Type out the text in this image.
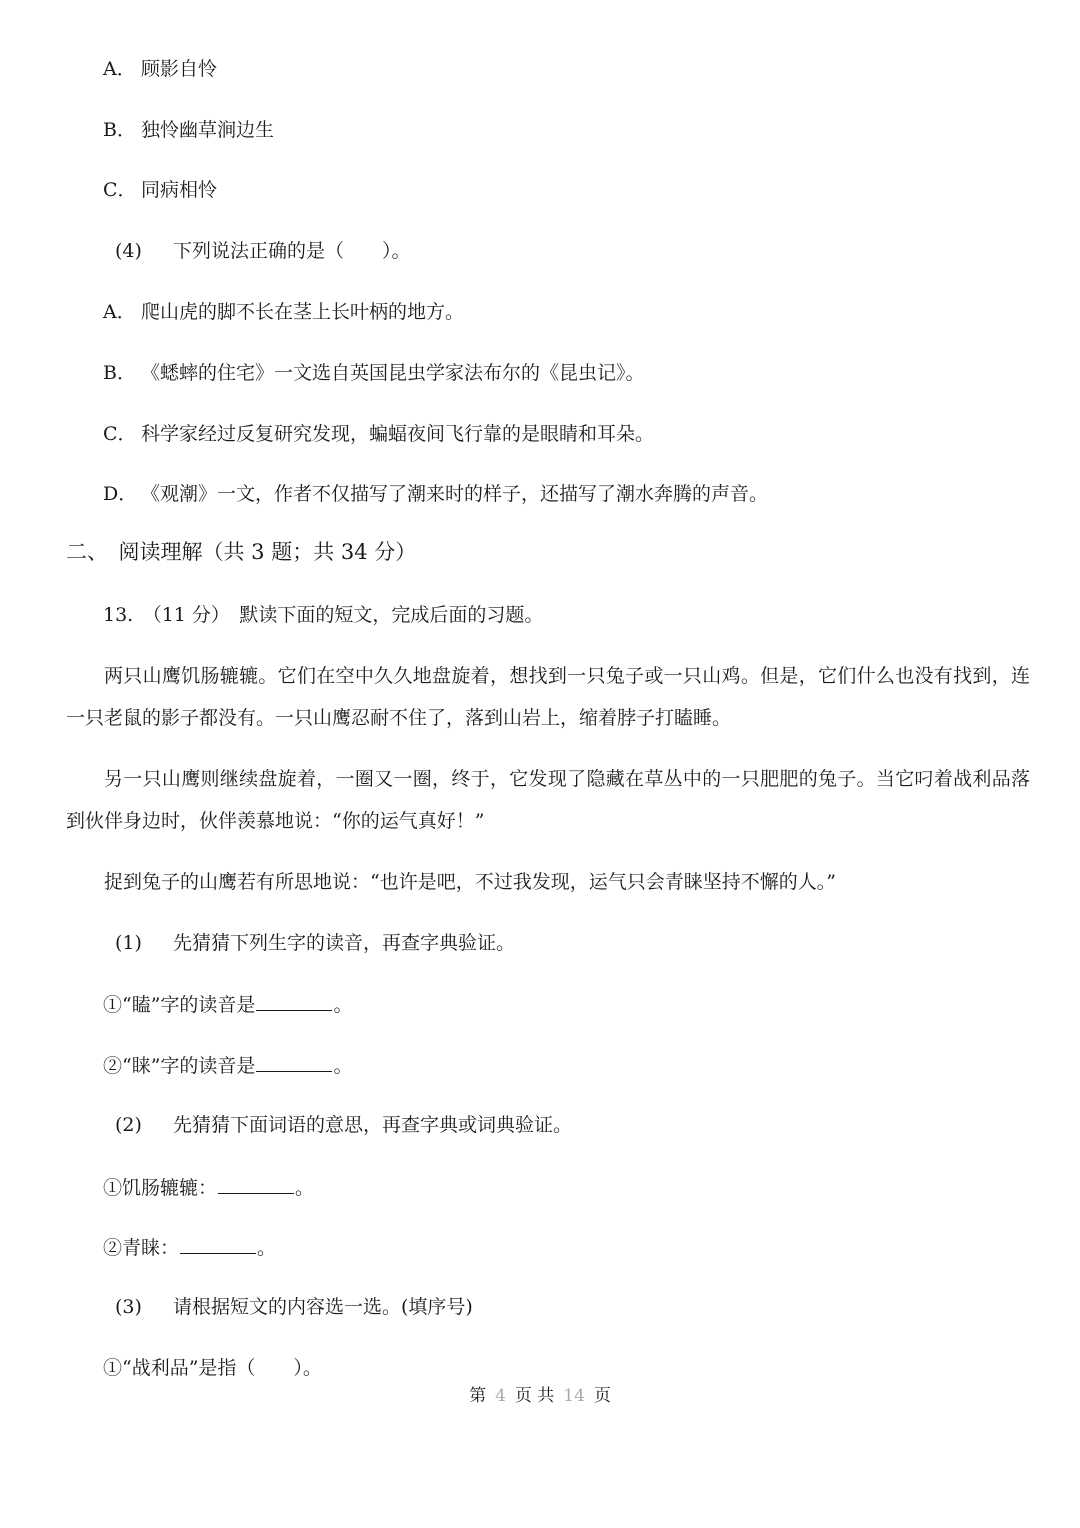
A． 顾影自怜
B． 独怜幽草涧边生
C． 同病相怜
(4) 下列说法正确的是（　　）。
A． 爬山虎的脚不长在茎上长叶柄的地方。
B． 《蟋蟀的住宅》一文选自英国昆虫学家法布尔的《昆虫记》。
C． 科学家经过反复研究发现，蝙蝠夜间飞行靠的是眼睛和耳朵。
D． 《观潮》一文，作者不仅描写了潮来时的样子，还描写了潮水奔腾的声音。
二、　阅读理解（共 3 题；共 34 分）
13.　（11 分）　默读下面的短文，完成后面的习题。
两只山鹰饥肠辘辘。它们在空中久久地盘旋着，想找到一只兔子或一只山鸡。但是，它们什么也没有找到，连一只老鼠的影子都没有。一只山鹰忍耐不住了，落到山岩上，缩着脖子打瞌睡。
另一只山鹰则继续盘旋着，一圈又一圈，终于，它发现了隐藏在草丛中的一只肥肥的兔子。当它叼着战利品落到伙伴身边时，伙伴羡慕地说：“你的运气真好！”
捉到兔子的山鹰若有所思地说：“也许是吧，不过我发现，运气只会青睐坚持不懈的人。”
(1) 先猜猜下列生字的读音，再查字典验证。
①“瞌”字的读音是	。
②“睐”字的读音是	。
(2) 先猜猜下面词语的意思，再查字典或词典验证。
①饥肠辘辘：	。
②青睐：	。
(3) 请根据短文的内容选一选。(填序号)
①“战利品”是指（　　）。
第 4 页 共 14 页
